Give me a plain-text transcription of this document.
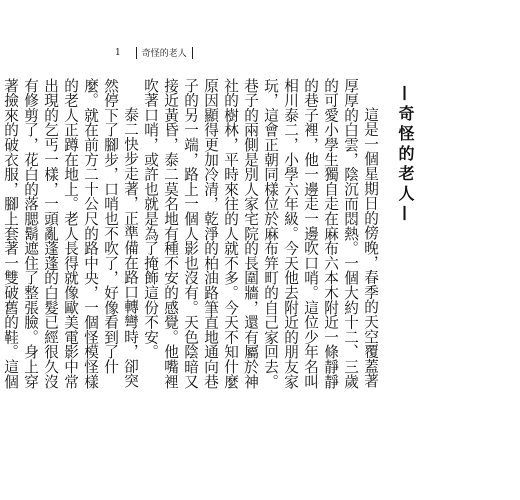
1 奇怪的老人
—奇怪的老人—

這是一個星期日的傍晚，春季的天空覆蓋著厚厚的白雲，陰沉而悶熱。一個大約十二、三歲的可愛小學生獨自走在麻布六本木附近一條靜靜的巷子裡，他一邊走一邊吹口哨。這位少年名叫相川泰二，小學六年級。今天他去附近的朋友家玩，這會正朝同樣位於麻布笄町的自己家回去。巷子的兩側是別人家宅院的長圍牆，還有屬於神社的樹林，平時來往的人就不多。今天不知什麼原因顯得更加冷清，乾淨的柏油路筆直地通向巷子的另一端，路上一個人影也沒有。天色陰暗又接近黃昏，泰二莫名地有種不安的感覺。他嘴裡吹著口哨，或許也就是為了掩飾這份不安。

泰二快步走著，正準備在路口轉彎時，卻突然停下了腳步，口哨也不吹了，好像看到了什麼。就在前方二十公尺的路中央，一個怪模怪樣的老人正蹲在地上。老人長得就像歐美電影中常出現的乞丐一樣，一頭亂蓬蓬的白髮已經很久沒有修剪了，花白的落腮鬍遮住了整張臉。身上穿著撿來的破衣服，腳上套著一雙破舊的鞋。這個
